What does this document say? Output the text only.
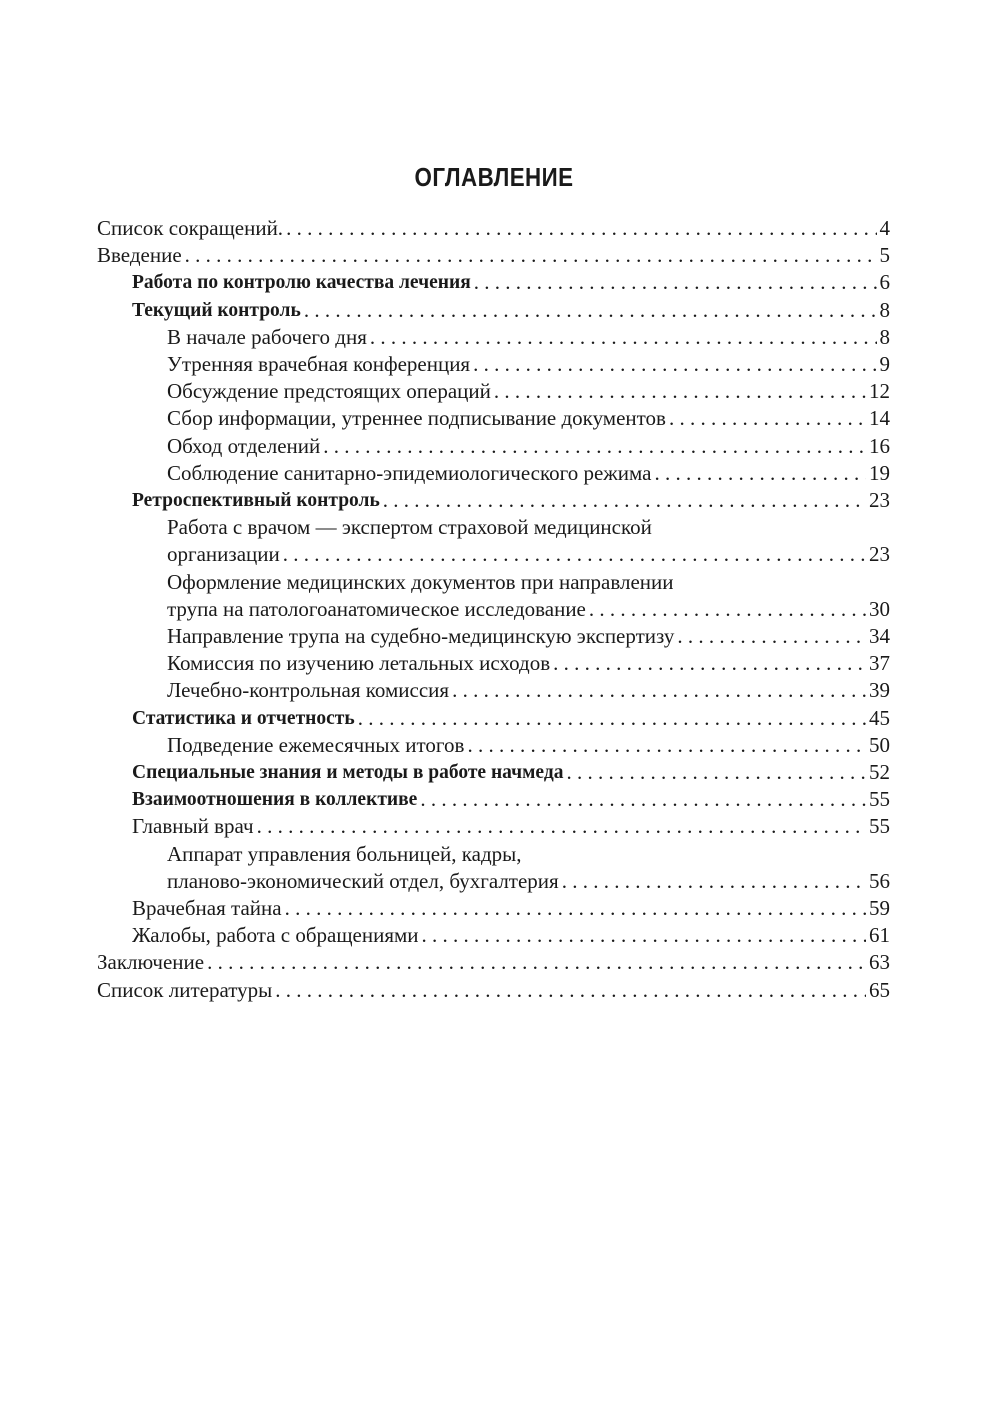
ОГЛАВЛЕНИЕ
Список сокращений. . . .	4
Введение . . .	5
Работа по контролю качества лечения . . .	6
Текущий контроль . . .	8
В начале рабочего дня . . .	8
Утренняя врачебная конференция . . .	9
Обсуждение предстоящих операций . . .	12
Сбор информации, утреннее подписывание документов . . .	14
Обход отделений . . .	16
Соблюдение санитарно-эпидемиологического режима . . .	19
Ретроспективный контроль . . .	23
Работа с врачом — экспертом страховой медицинской
организации . . .	23
Оформление медицинских документов при направлении
трупа на патологоанатомическое исследование . . .	30
Направление трупа на судебно-медицинскую экспертизу . . .	34
Комиссия по изучению летальных исходов . . .	37
Лечебно-контрольная комиссия . . .	39
Статистика и отчетность . . .	45
Подведение ежемесячных итогов . . .	50
Специальные знания и методы в работе начмеда . . .	52
Взаимоотношения в коллективе . . .	55
Главный врач . . .	55
Аппарат управления больницей, кадры,
планово-экономический отдел, бухгалтерия . . .	56
Врачебная тайна . . .	59
Жалобы, работа с обращениями . . .	61
Заключение . . .	63
Список литературы . . .	65
